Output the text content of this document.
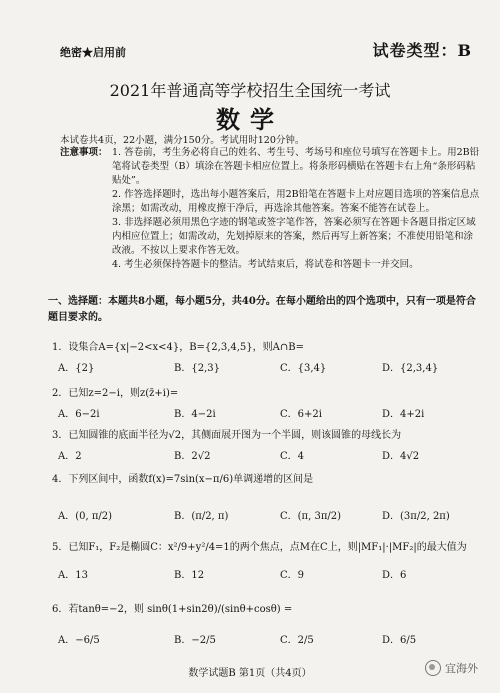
绝密★启用前	试卷类型：B
2021年普通高等学校招生全国统一考试
数学
本试卷共4页，22小题，满分150分。考试用时120分钟。
注意事项： 1. 答卷前，考生务必将自己的姓名、考生号、考场号和座位号填写在答题卡上。用2B铅笔将试卷类型（B）填涂在答题卡相应位置上。将条形码横贴在答题卡右上角“条形码粘贴处”。
2. 作答选择题时，选出每小题答案后，用2B铅笔在答题卡上对应题目选项的答案信息点涂黑；如需改动，用橡皮擦干净后，再选涂其他答案。答案不能答在试卷上。
3. 非选择题必须用黑色字迹的钢笔或签字笔作答，答案必须写在答题卡各题目指定区域内相应位置上；如需改动，先划掉原来的答案，然后再写上新答案；不准使用铅笔和涂改液。不按以上要求作答无效。
4. 考生必须保持答题卡的整洁。考试结束后，将试卷和答题卡一并交回。
一、选择题：本题共8小题，每小题5分，共40分。在每小题给出的四个选项中，只有一项是符合题目要求的。
1．设集合A={x|−2<x<4}，B={2,3,4,5}，则A∩B=
A．{2}	B．{2,3}	C．{3,4}	D．{2,3,4}
2．已知z=2−i，则z(z̄+i)=
A．6−2i	B．4−2i	C．6+2i	D．4+2i
3．已知圆锥的底面半径为√2，其侧面展开图为一个半圆，则该圆锥的母线长为
A．2	B．2√2	C．4	D．4√2
4．下列区间中，函数f(x)=7sin(x−π/6)单调递增的区间是
A．(0, π/2)	B．(π/2, π)	C．(π, 3π/2)	D．(3π/2, 2π)
5．已知F₁，F₂是椭圆C：x²/9+y²/4=1的两个焦点，点M在C上，则|MF₁|·|MF₂|的最大值为
A．13	B．12	C．9	D．6
6．若tanθ=−2，则 sinθ(1+sin2θ)/(sinθ+cosθ) =
A．−6/5	B．−2/5	C．2/5	D．6/5
数学试题B 第1页（共4页）	宜海外
